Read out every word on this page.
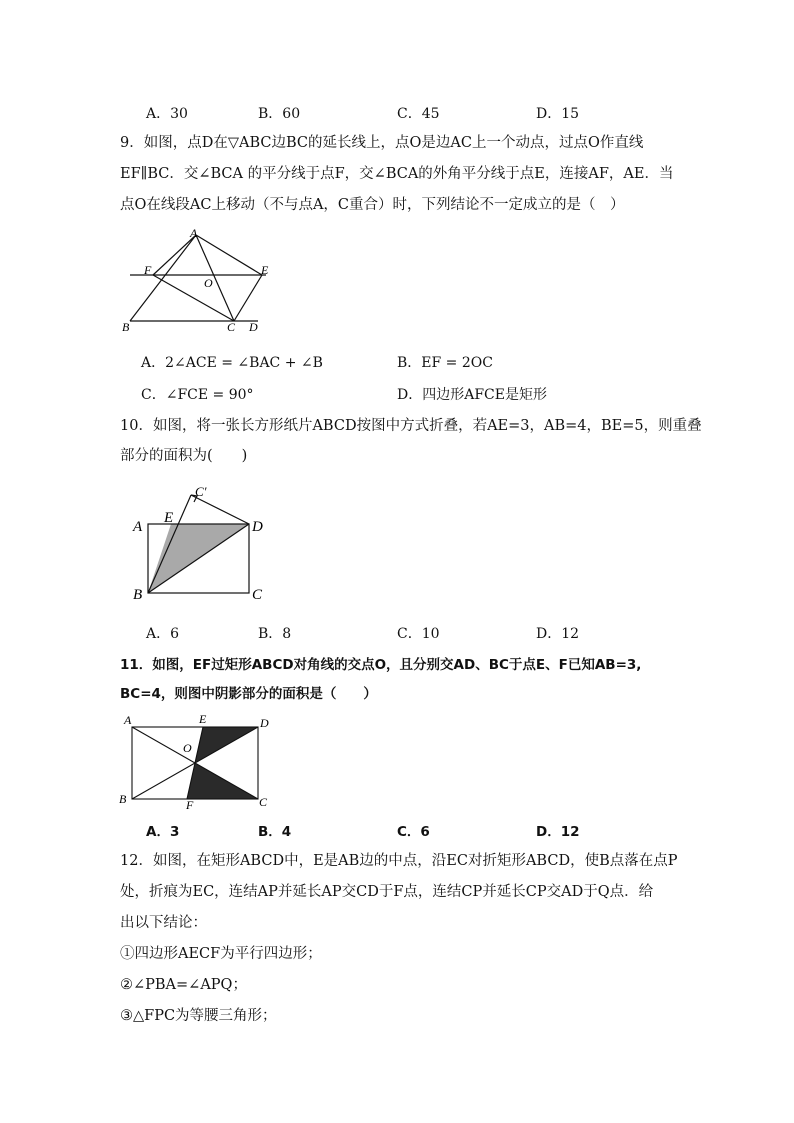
A．30	B．60	C．45	D．15
9．如图，点D在▽ABC边BC的延长线上，点O是边AC上一个动点，过点O作直线
EF∥BC．交∠BCA 的平分线于点F，交∠BCA的外角平分线于点E，连接AF，AE．当
点O在线段AC上移动（不与点A，C重合）时，下列结论不一定成立的是（　）
A
F	E
O
B	C D
A．2∠ACE = ∠BAC + ∠B	B．EF = 2OC
C．∠FCE = 90°	D．四边形AFCE是矩形
10．如图，将一张长方形纸片ABCD按图中方式折叠，若AE=3，AB=4，BE=5，则重叠
部分的面积为(　　)
C′
A
E
D
B	C
A．6	B．8	C．10	D．12
11．如图，EF过矩形ABCD对角线的交点O，且分别交AD、BC于点E、F已知AB=3,
BC=4，则图中阴影部分的面积是（　　）
A	E	D
O
B	F	C
A．3	B．4	C．6	D．12
12．如图，在矩形ABCD中，E是AB边的中点，沿EC对折矩形ABCD，使B点落在点P
处，折痕为EC，连结AP并延长AP交CD于F点，连结CP并延长CP交AD于Q点．给
出以下结论：
①四边形AECF为平行四边形；
②∠PBA=∠APQ；
③△FPC为等腰三角形；
